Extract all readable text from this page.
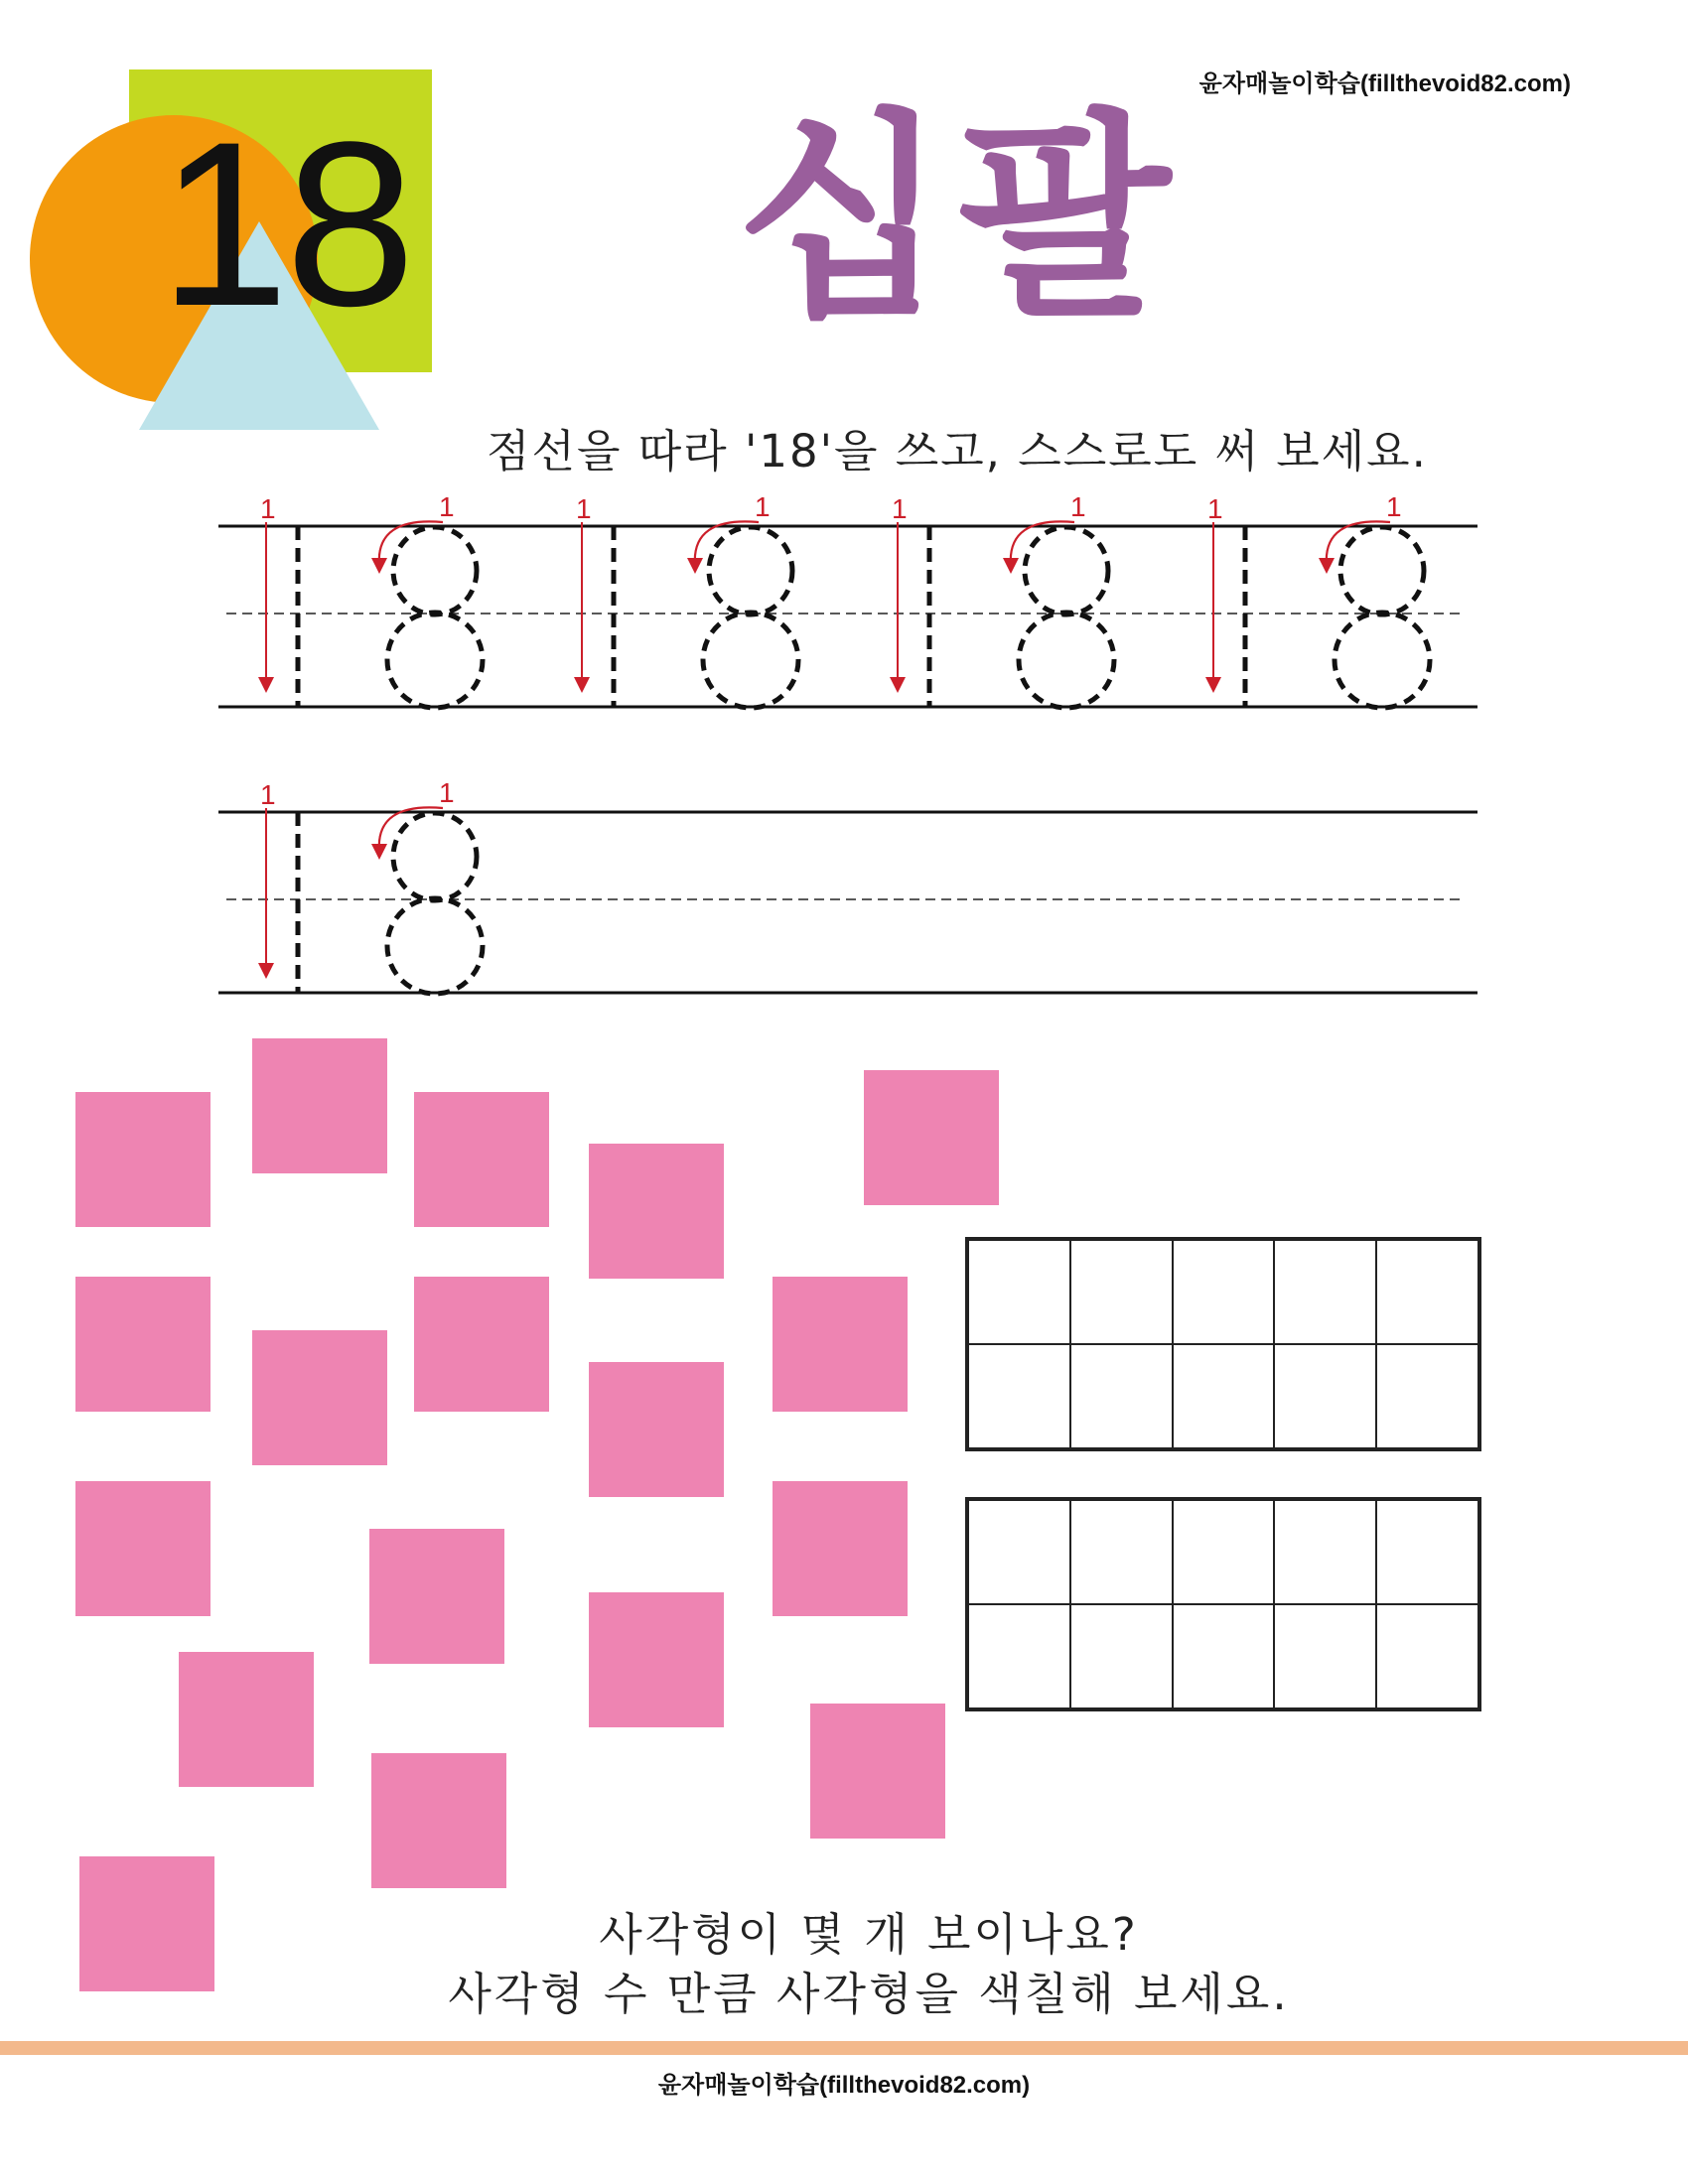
윤자매놀이학습(fillthevoid82.com)
18 십팔
점선을 따라 '18'을 쓰고, 스스로도 써 보세요.
1	1	1	1	1	1	1	1
1	1
사각형이 몇 개 보이나요?
사각형 수 만큼 사각형을 색칠해 보세요.
윤자매놀이학습(fillthevoid82.com)
